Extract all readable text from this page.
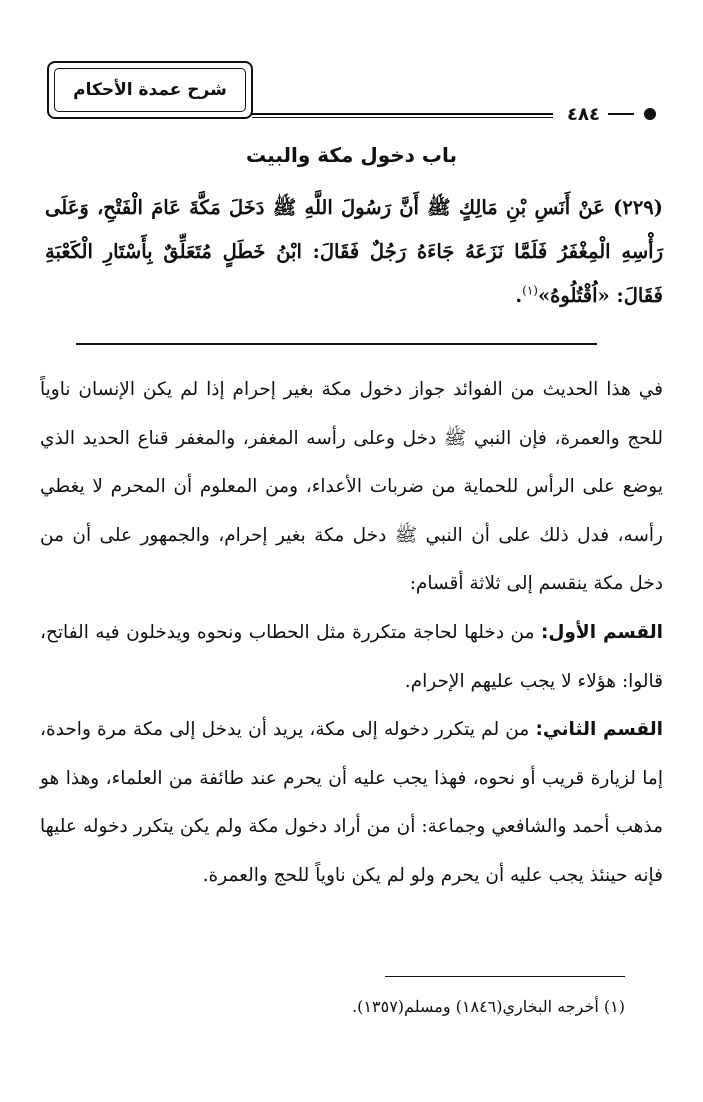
٤٨٤
شرح عمدة الأحكام
باب دخول مكة والبيت
(٢٢٩) عَنْ أَنَسِ بْنِ مَالِكٍ ﷺ أَنَّ رَسُولَ اللَّهِ ﷺ دَخَلَ مَكَّةَ عَامَ الْفَتْحِ، وَعَلَى رَأْسِهِ الْمِغْفَرُ فَلَمَّا نَزَعَهُ جَاءَهُ رَجُلٌ فَقَالَ: ابْنُ خَطَلٍ مُتَعَلِّقٌ بِأَسْتَارِ الْكَعْبَةِ فَقَالَ: «اُقْتُلُوهُ»$^{(١)}$.

في هذا الحديث من الفوائد جواز دخول مكة بغير إحرام إذا لم يكن الإنسان ناوياً للحج والعمرة، فإن النبي ﷺ دخل وعلى رأسه المغفر، والمغفر قناع الحديد الذي يوضع على الرأس للحماية من ضربات الأعداء، ومن المعلوم أن المحرم لا يغطي رأسه، فدل ذلك على أن النبي ﷺ دخل مكة بغير إحرام، والجمهور على أن من دخل مكة ينقسم إلى ثلاثة أقسام:

القسم الأول: من دخلها لحاجة متكررة مثل الحطاب ونحوه ويدخلون فيه الفاتح، قالوا: هؤلاء لا يجب عليهم الإحرام.

القسم الثاني: من لم يتكرر دخوله إلى مكة، يريد أن يدخل إلى مكة مرة واحدة، إما لزيارة قريب أو نحوه، فهذا يجب عليه أن يحرم عند طائفة من العلماء، وهذا هو مذهب أحمد والشافعي وجماعة: أن من أراد دخول مكة ولم يكن يتكرر دخوله عليها فإنه حينئذ يجب عليه أن يحرم ولو لم يكن ناوياً للحج والعمرة.

(١) أخرجه البخاري(١٨٤٦) ومسلم(١٣٥٧).
